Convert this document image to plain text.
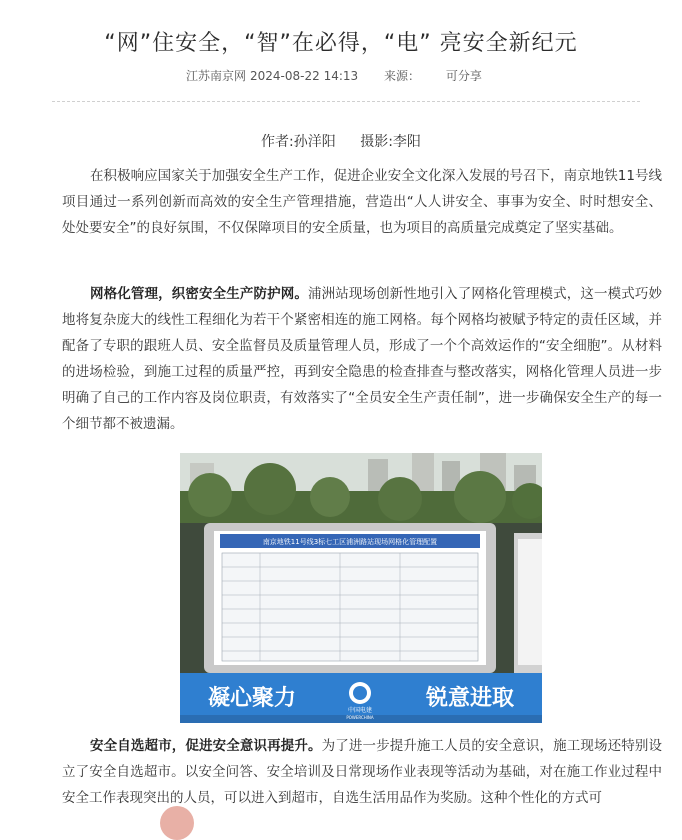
“网”住安全，“智”在必得，“电” 亮安全新纪元
江苏南京网 2024-08-22 14:13 来源： 可分享
作者:孙洋阳 摄影:李阳

在积极响应国家关于加强安全生产工作，促进企业安全文化深入发展的号召下，南京地铁11号线项目通过一系列创新而高效的安全生产管理措施，营造出“人人讲安全、事事为安全、时时想安全、处处要安全”的良好氛围，不仅保障项目的安全质量，也为项目的高质量完成奠定了坚实基础。

网格化管理，织密安全生产防护网。浦洲站现场创新性地引入了网格化管理模式，这一模式巧妙地将复杂庞大的线性工程细化为若干个紧密相连的施工网格。每个网格均被赋予特定的责任区域，并配备了专职的跟班人员、安全监督员及质量管理人员，形成了一个个高效运作的“安全细胞”。从材料的进场检验，到施工过程的质量严控，再到安全隐患的检查排查与整改落实，网格化管理人员进一步明确了自己的工作内容及岗位职责，有效落实了“全员安全生产责任制”，进一步确保安全生产的每一个细节都不被遗漏。

南京地铁11号线3标七工区浦洲路站现场网格化管理配置
凝心聚力	锐意进取
中国电建
POWERCHINA

安全自选超市，促进安全意识再提升。为了进一步提升施工人员的安全意识，施工现场还特别设立了安全自选超市。以安全问答、安全培训及日常现场作业表现等活动为基础，对在施工作业过程中安全工作表现突出的人员，可以进入到超市，自选生活用品作为奖励。这种个性化的方式可
